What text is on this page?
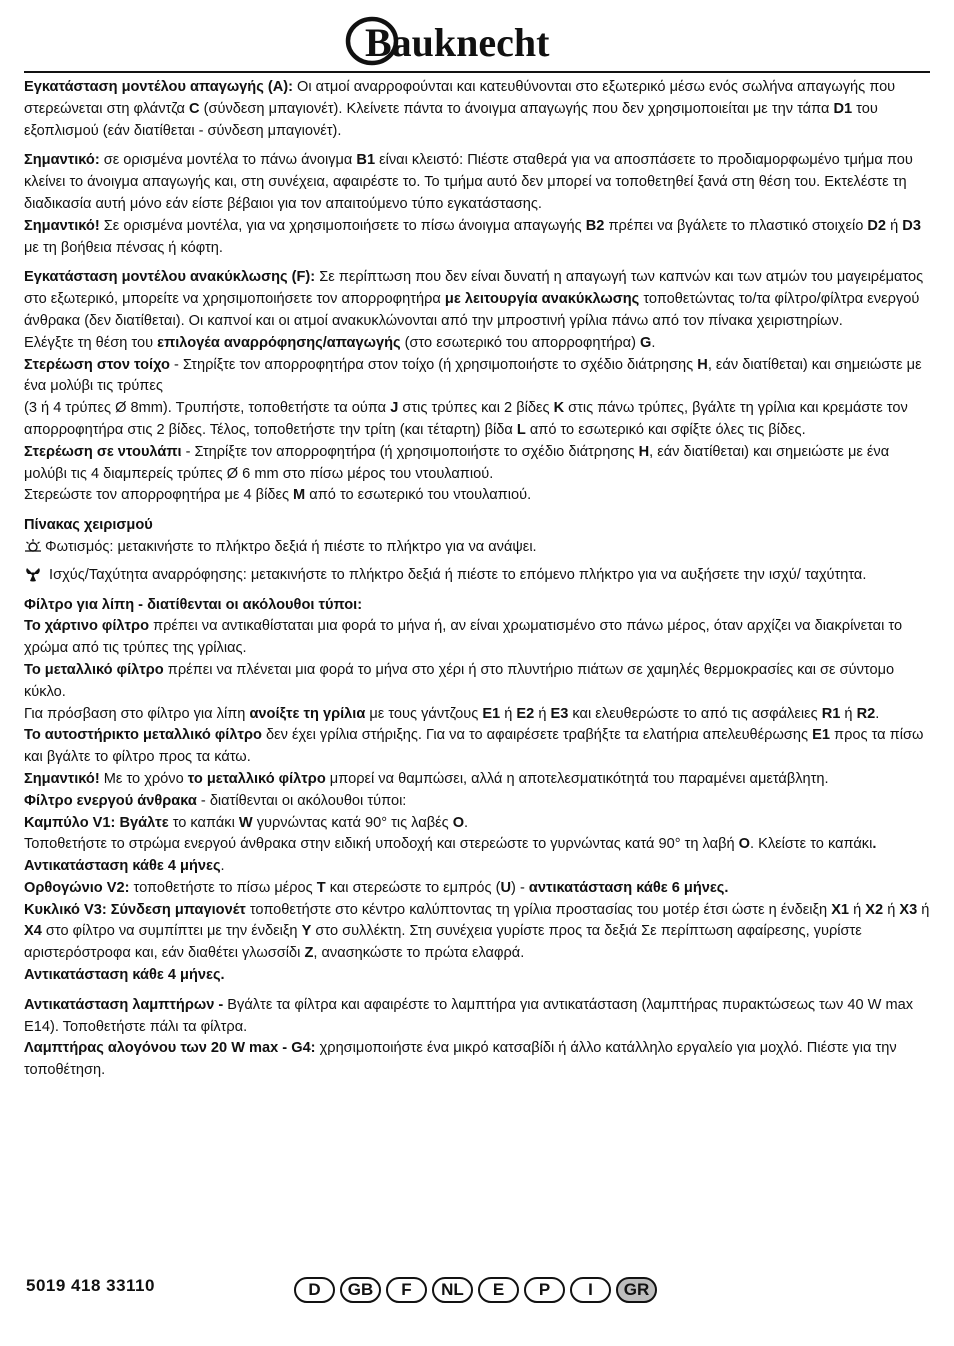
Bauknecht

Εγκατάσταση μοντέλου απαγωγής (A): Οι ατμοί αναρροφούνται και κατευθύνονται στο εξωτερικό μέσω ενός σωλήνα απαγωγής που στερεώνεται στη φλάντζα C (σύνδεση μπαγιονέτ). Κλείνετε πάντα το άνοιγμα απαγωγής που δεν χρησιμοποιείται με την τάπα D1 του εξοπλισμού (εάν διατίθεται - σύνδεση μπαγιονέτ).

Σημαντικό: σε ορισμένα μοντέλα το πάνω άνοιγμα B1 είναι κλειστό: Πιέστε σταθερά για να αποσπάσετε το προδιαμορφωμένο τμήμα που κλείνει το άνοιγμα απαγωγής και, στη συνέχεια, αφαιρέστε το. Το τμήμα αυτό δεν μπορεί να τοποθετηθεί ξανά στη θέση του. Εκτελέστε τη διαδικασία αυτή μόνο εάν είστε βέβαιοι για τον απαιτούμενο τύπο εγκατάστασης.

Σημαντικό! Σε ορισμένα μοντέλα, για να χρησιμοποιήσετε το πίσω άνοιγμα απαγωγής B2 πρέπει να βγάλετε το πλαστικό στοιχείο D2 ή D3 με τη βοήθεια πένσας ή κόφτη.

Εγκατάσταση μοντέλου ανακύκλωσης (F): Σε περίπτωση που δεν είναι δυνατή η απαγωγή των καπνών και των ατμών του μαγειρέματος στο εξωτερικό, μπορείτε να χρησιμοποιήσετε τον απορροφητήρα με λειτουργία ανακύκλωσης τοποθετώντας το/τα φίλτρο/φίλτρα ενεργού άνθρακα (δεν διατίθεται). Οι καπνοί και οι ατμοί ανακυκλώνονται από την μπροστινή γρίλια πάνω από τον πίνακα χειριστηρίων.

Ελέγξτε τη θέση του επιλογέα αναρρόφησης/απαγωγής (στο εσωτερικό του απορροφητήρα) G.

Στερέωση στον τοίχο - Στηρίξτε τον απορροφητήρα στον τοίχο (ή χρησιμοποιήστε το σχέδιο διάτρησης H, εάν διατίθεται) και σημειώστε με ένα μολύβι τις τρύπες

(3 ή 4 τρύπες Ø 8mm). Τρυπήστε, τοποθετήστε τα ούπα J στις τρύπες και 2 βίδες K στις πάνω τρύπες, βγάλτε τη γρίλια και κρεμάστε τον απορροφητήρα στις 2 βίδες. Τέλος, τοποθετήστε την τρίτη (και τέταρτη) βίδα L από το εσωτερικό και σφίξτε όλες τις βίδες.

Στερέωση σε ντουλάπι - Στηρίξτε τον απορροφητήρα (ή χρησιμοποιήστε το σχέδιο διάτρησης H, εάν διατίθεται) και σημειώστε με ένα μολύβι τις 4 διαμπερείς τρύπες Ø 6 mm στο πίσω μέρος του ντουλαπιού.

Στερεώστε τον απορροφητήρα με 4 βίδες M από το εσωτερικό του ντουλαπιού.

Πίνακας χειρισμού

Φωτισμός: μετακινήστε το πλήκτρο δεξιά ή πιέστε το πλήκτρο για να ανάψει.

Ισχύς/Ταχύτητα αναρρόφησης: μετακινήστε το πλήκτρο δεξιά ή πιέστε το επόμενο πλήκτρο για να αυξήσετε την ισχύ/ ταχύτητα.

Φίλτρο για λίπη - διατίθενται οι ακόλουθοι τύποι:

Το χάρτινο φίλτρο πρέπει να αντικαθίσταται μια φορά το μήνα ή, αν είναι χρωματισμένο στο πάνω μέρος, όταν αρχίζει να διακρίνεται το χρώμα από τις τρύπες της γρίλιας.

Το μεταλλικό φίλτρο πρέπει να πλένεται μια φορά το μήνα στο χέρι ή στο πλυντήριο πιάτων σε χαμηλές θερμοκρασίες και σε σύντομο κύκλο.

Για πρόσβαση στο φίλτρο για λίπη ανοίξτε τη γρίλια με τους γάντζους E1 ή E2 ή E3 και ελευθερώστε το από τις ασφάλειες R1 ή R2.

Το αυτοστήρικτο μεταλλικό φίλτρο δεν έχει γρίλια στήριξης. Για να το αφαιρέσετε τραβήξτε τα ελατήρια απελευθέρωσης E1 προς τα πίσω και βγάλτε το φίλτρο προς τα κάτω.

Σημαντικό! Με το χρόνο το μεταλλικό φίλτρο μπορεί να θαμπώσει, αλλά η αποτελεσματικότητά του παραμένει αμετάβλητη.

Φίλτρο ενεργού άνθρακα - διατίθενται οι ακόλουθοι τύποι:

Καμπύλο V1: Βγάλτε το καπάκι W γυρνώντας κατά 90° τις λαβές O.

Τοποθετήστε το στρώμα ενεργού άνθρακα στην ειδική υποδοχή και στερεώστε το γυρνώντας κατά 90° τη λαβή O. Κλείστε το καπάκι. Αντικατάσταση κάθε 4 μήνες.

Ορθογώνιο V2: τοποθετήστε το πίσω μέρος T και στερεώστε το εμπρός (U) - αντικατάσταση κάθε 6 μήνες.

Κυκλικό V3: Σύνδεση μπαγιονέτ τοποθετήστε στο κέντρο καλύπτοντας τη γρίλια προστασίας του μοτέρ έτσι ώστε η ένδειξη X1 ή X2 ή X3 ή X4 στο φίλτρο να συμπίπτει με την ένδειξη Y στο συλλέκτη. Στη συνέχεια γυρίστε προς τα δεξιά Σε περίπτωση αφαίρεσης, γυρίστε αριστερόστροφα και, εάν διαθέτει γλωσσίδι Z, ανασηκώστε το πρώτα ελαφρά.

Αντικατάσταση κάθε 4 μήνες.

Αντικατάσταση λαμπτήρων - Βγάλτε τα φίλτρα και αφαιρέστε το λαμπτήρα για αντικατάσταση (λαμπτήρας πυρακτώσεως των 40 W max E14). Τοποθετήστε πάλι τα φίλτρα.

Λαμπτήρας αλογόνου των 20 W max - G4: χρησιμοποιήστε ένα μικρό κατσαβίδι ή άλλο κατάλληλο εργαλείο για μοχλό. Πιέστε για την τοποθέτηση.

5019 418 33110	D	GB	F	NL	E	P	I	GR
